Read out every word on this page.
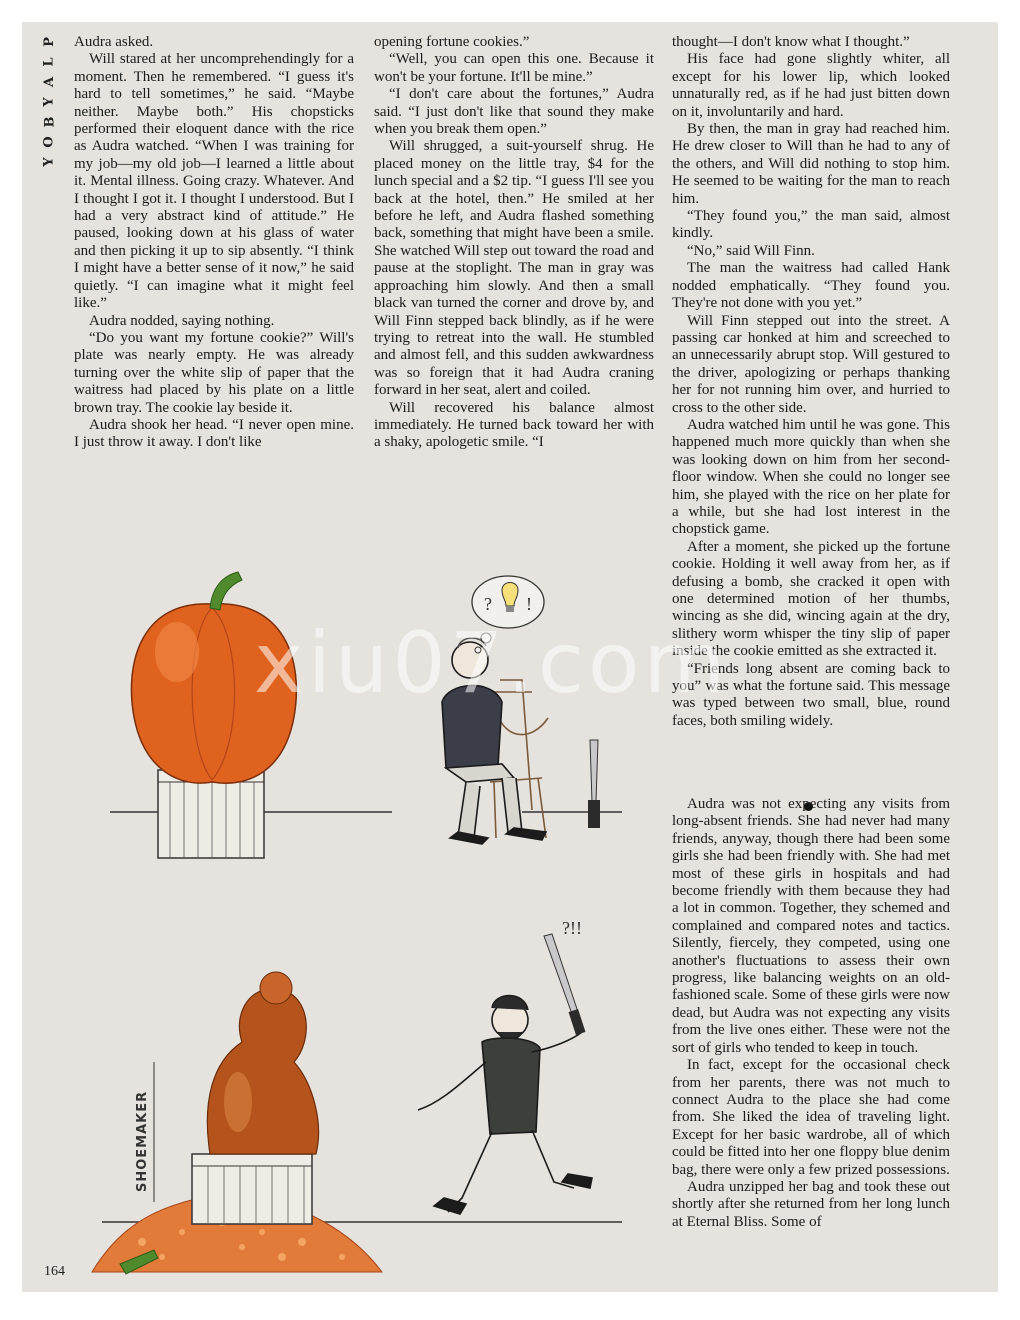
P
L
A
Y
B
O
Y

Audra asked.

Will stared at her uncomprehendingly for a moment. Then he remembered. “I guess it's hard to tell sometimes,” he said. “Maybe neither. Maybe both.” His chopsticks performed their eloquent dance with the rice as Audra watched. “When I was training for my job—my old job—I learned a little about it. Mental illness. Going crazy. Whatever. And I thought I got it. I thought I understood. But I had a very abstract kind of attitude.” He paused, looking down at his glass of water and then picking it up to sip absently. “I think I might have a better sense of it now,” he said quietly. “I can imagine what it might feel like.”

Audra nodded, saying nothing.

“Do you want my fortune cookie?” Will's plate was nearly empty. He was already turning over the white slip of paper that the waitress had placed by his plate on a little brown tray. The cookie lay beside it.

Audra shook her head. “I never open mine. I just throw it away. I don't like

opening fortune cookies.”

“Well, you can open this one. Because it won't be your fortune. It'll be mine.”

“I don't care about the fortunes,” Audra said. “I just don't like that sound they make when you break them open.”

Will shrugged, a suit-yourself shrug. He placed money on the little tray, $4 for the lunch special and a $2 tip. “I guess I'll see you back at the hotel, then.” He smiled at her before he left, and Audra flashed something back, something that might have been a smile. She watched Will step out toward the road and pause at the stoplight. The man in gray was approaching him slowly. And then a small black van turned the corner and drove by, and Will Finn stepped back blindly, as if he were trying to retreat into the wall. He stumbled and almost fell, and this sudden awkwardness was so foreign that it had Audra craning forward in her seat, alert and coiled.

Will recovered his balance almost immediately. He turned back toward her with a shaky, apologetic smile. “I

thought—I don't know what I thought.”

His face had gone slightly whiter, all except for his lower lip, which looked unnaturally red, as if he had just bitten down on it, involuntarily and hard.

By then, the man in gray had reached him. He drew closer to Will than he had to any of the others, and Will did nothing to stop him. He seemed to be waiting for the man to reach him.

“They found you,” the man said, almost kindly.

“No,” said Will Finn.

The man the waitress had called Hank nodded emphatically. “They found you. They're not done with you yet.”

Will Finn stepped out into the street. A passing car honked at him and screeched to an unnecessarily abrupt stop. Will gestured to the driver, apologizing or perhaps thanking her for not running him over, and hurried to cross to the other side.

Audra watched him until he was gone. This happened much more quickly than when she was looking down on him from her second-floor window. When she could no longer see him, she played with the rice on her plate for a while, but she had lost interest in the chopstick game.

After a moment, she picked up the fortune cookie. Holding it well away from her, as if defusing a bomb, she cracked it open with one determined motion of her thumbs, wincing as she did, wincing again at the dry, slithery worm whisper the tiny slip of paper inside the cookie emitted as she extracted it.

“Friends long absent are coming back to you” was what the fortune said. This message was typed between two small, blue, round faces, both smiling widely.

Audra was not expecting any visits from long-absent friends. She had never had many friends, anyway, though there had been some girls she had been friendly with. She had met most of these girls in hospitals and had become friendly with them because they had a lot in common. Together, they schemed and complained and compared notes and tactics. Silently, fiercely, they competed, using one another's fluctuations to assess their own progress, like balancing weights on an old-fashioned scale. Some of these girls were now dead, but Audra was not expecting any visits from the live ones either. These were not the sort of girls who tended to keep in touch.

In fact, except for the occasional check from her parents, there was not much to connect Audra to the place she had come from. She liked the idea of traveling light. Except for her basic wardrobe, all of which could be fitted into her one floppy blue denim bag, there were only a few prized possessions.

Audra unzipped her bag and took these out shortly after she returned from her long lunch at Eternal Bliss. Some of

? !
SHOEMAKER
?!!
xiu07.com
164
